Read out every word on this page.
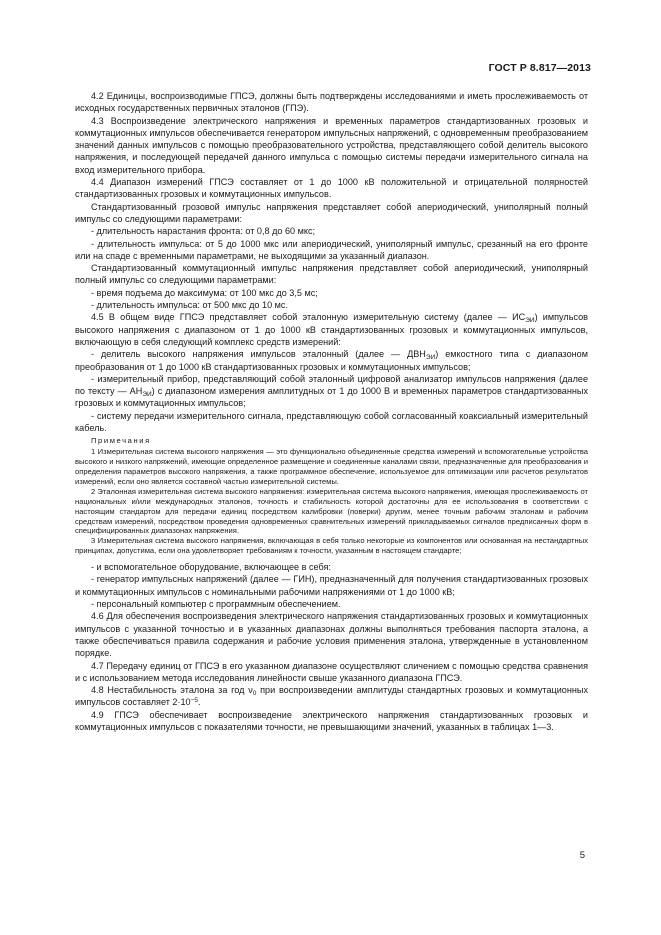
ГОСТ Р 8.817—2013

4.2 Единицы, воспроизводимые ГПСЭ, должны быть подтверждены исследованиями и иметь прослеживаемость от исходных государственных первичных эталонов (ГПЭ).

4.3 Воспроизведение электрического напряжения и временных параметров стандартизованных грозовых и коммутационных импульсов обеспечивается генератором импульсных напряжений, с одновременным преобразованием значений данных импульсов с помощью преобразовательного устройства, представляющего собой делитель высокого напряжения, и последующей передачей данного импульса с помощью системы передачи измерительного сигнала на вход измерительного прибора.

4.4 Диапазон измерений ГПСЭ составляет от 1 до 1000 кВ положительной и отрицательной полярностей стандартизованных грозовых и коммутационных импульсов.

Стандартизованный грозовой импульс напряжения представляет собой апериодический, униполярный полный импульс со следующими параметрами:

- длительность нарастания фронта: от 0,8 до 60 мкс;

- длительность импульса: от 5 до 1000 мкс или апериодический, униполярный импульс, срезанный на его фронте или на спаде с временными параметрами, не выходящими за указанный диапазон.

Стандартизованный коммутационный импульс напряжения представляет собой апериодический, униполярный полный импульс со следующими параметрами:

- время подъема до максимума: от 100 мкс до 3,5 мс;

- длительность импульса: от 500 мкс до 10 мс.

4.5 В общем виде ГПСЭ представляет собой эталонную измерительную систему (далее — $ИС_{ЭИ}$) импульсов высокого напряжения с диапазоном от 1 до 1000 кВ стандартизованных грозовых и коммутационных импульсов, включающую в себя следующий комплекс средств измерений:

- делитель высокого напряжения импульсов эталонный (далее — $ДВН_{ЭИ}$) емкостного типа с диапазоном преобразования от 1 до 1000 кВ стандартизованных грозовых и коммутационных импульсов;

- измерительный прибор, представляющий собой эталонный цифровой анализатор импульсов напряжения (далее по тексту — $АН_{ЭИ}$) с диапазоном измерения амплитудных от 1 до 1000 В и временных параметров стандартизованных грозовых и коммутационных импульсов;

- систему передачи измерительного сигнала, представляющую собой согласованный коаксиальный измерительный кабель.

Примечания

1 Измерительная система высокого напряжения — это функционально объединенные средства измерений и вспомогательные устройства высокого и низкого напряжений, имеющие определенное размещение и соединенные каналами связи, предназначенные для преобразования и определения параметров высокого напряжения, а также программное обеспечение, используемое для оптимизации или расчетов результатов измерений, если оно является составной частью измерительной системы.

2 Эталонная измерительная система высокого напряжения: измерительная система высокого напряжения, имеющая прослеживаемость от национальных и/или международных эталонов, точность и стабильность которой достаточны для ее использования в соответствии с настоящим стандартом для передачи единиц посредством калибровки (поверки) другим, менее точным рабочим эталонам и рабочим средствам измерений, посредством проведения одновременных сравнительных измерений прикладываемых сигналов предписанных форм в специфицированных диапазонах напряжения.

3 Измерительная система высокого напряжения, включающая в себя только некоторые из компонентов или основанная на нестандартных принципах, допустима, если она удовлетворяет требованиям к точности, указанным в настоящем стандарте;

- и вспомогательное оборудование, включающее в себя:

- генератор импульсных напряжений (далее — ГИН), предназначенный для получения стандартизованных грозовых и коммутационных импульсов с номинальными рабочими напряжениями от 1 до 1000 кВ;

- персональный компьютер с программным обеспечением.

4.6 Для обеспечения воспроизведения электрического напряжения стандартизованных грозовых и коммутационных импульсов с указанной точностью и в указанных диапазонах должны выполняться требования паспорта эталона, а также обеспечиваться правила содержания и рабочие условия применения эталона, утвержденные в установленном порядке.

4.7 Передачу единиц от ГПСЭ в его указанном диапазоне осуществляют сличением с помощью средства сравнения и с использованием метода исследования линейности свыше указанного диапазона ГПСЭ.

4.8 Нестабильность эталона за год $\nu_0$ при воспроизведении амплитуды стандартных грозовых и коммутационных импульсов составляет $2\cdot 10^{-5}$.

4.9 ГПСЭ обеспечивает воспроизведение электрического напряжения стандартизованных грозовых и коммутационных импульсов с показателями точности, не превышающими значений, указанных в таблицах 1—3.

5
